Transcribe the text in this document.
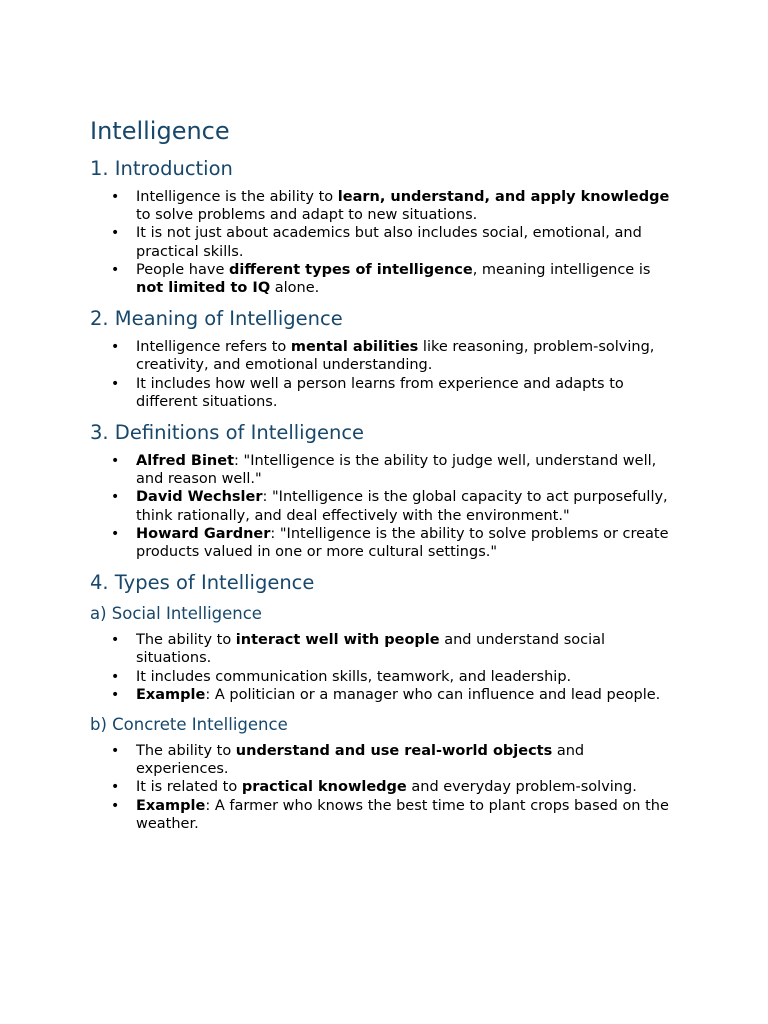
Intelligence
1. Introduction
• Intelligence is the ability to learn, understand, and apply knowledge to solve problems and adapt to new situations.
• It is not just about academics but also includes social, emotional, and practical skills.
• People have different types of intelligence, meaning intelligence is not limited to IQ alone.
2. Meaning of Intelligence
• Intelligence refers to mental abilities like reasoning, problem-solving, creativity, and emotional understanding.
• It includes how well a person learns from experience and adapts to different situations.
3. Definitions of Intelligence
• Alfred Binet: "Intelligence is the ability to judge well, understand well, and reason well."
• David Wechsler: "Intelligence is the global capacity to act purposefully, think rationally, and deal effectively with the environment."
• Howard Gardner: "Intelligence is the ability to solve problems or create products valued in one or more cultural settings."
4. Types of Intelligence
a) Social Intelligence
• The ability to interact well with people and understand social situations.
• It includes communication skills, teamwork, and leadership.
• Example: A politician or a manager who can influence and lead people.
b) Concrete Intelligence
• The ability to understand and use real-world objects and experiences.
• It is related to practical knowledge and everyday problem-solving.
• Example: A farmer who knows the best time to plant crops based on the weather.
